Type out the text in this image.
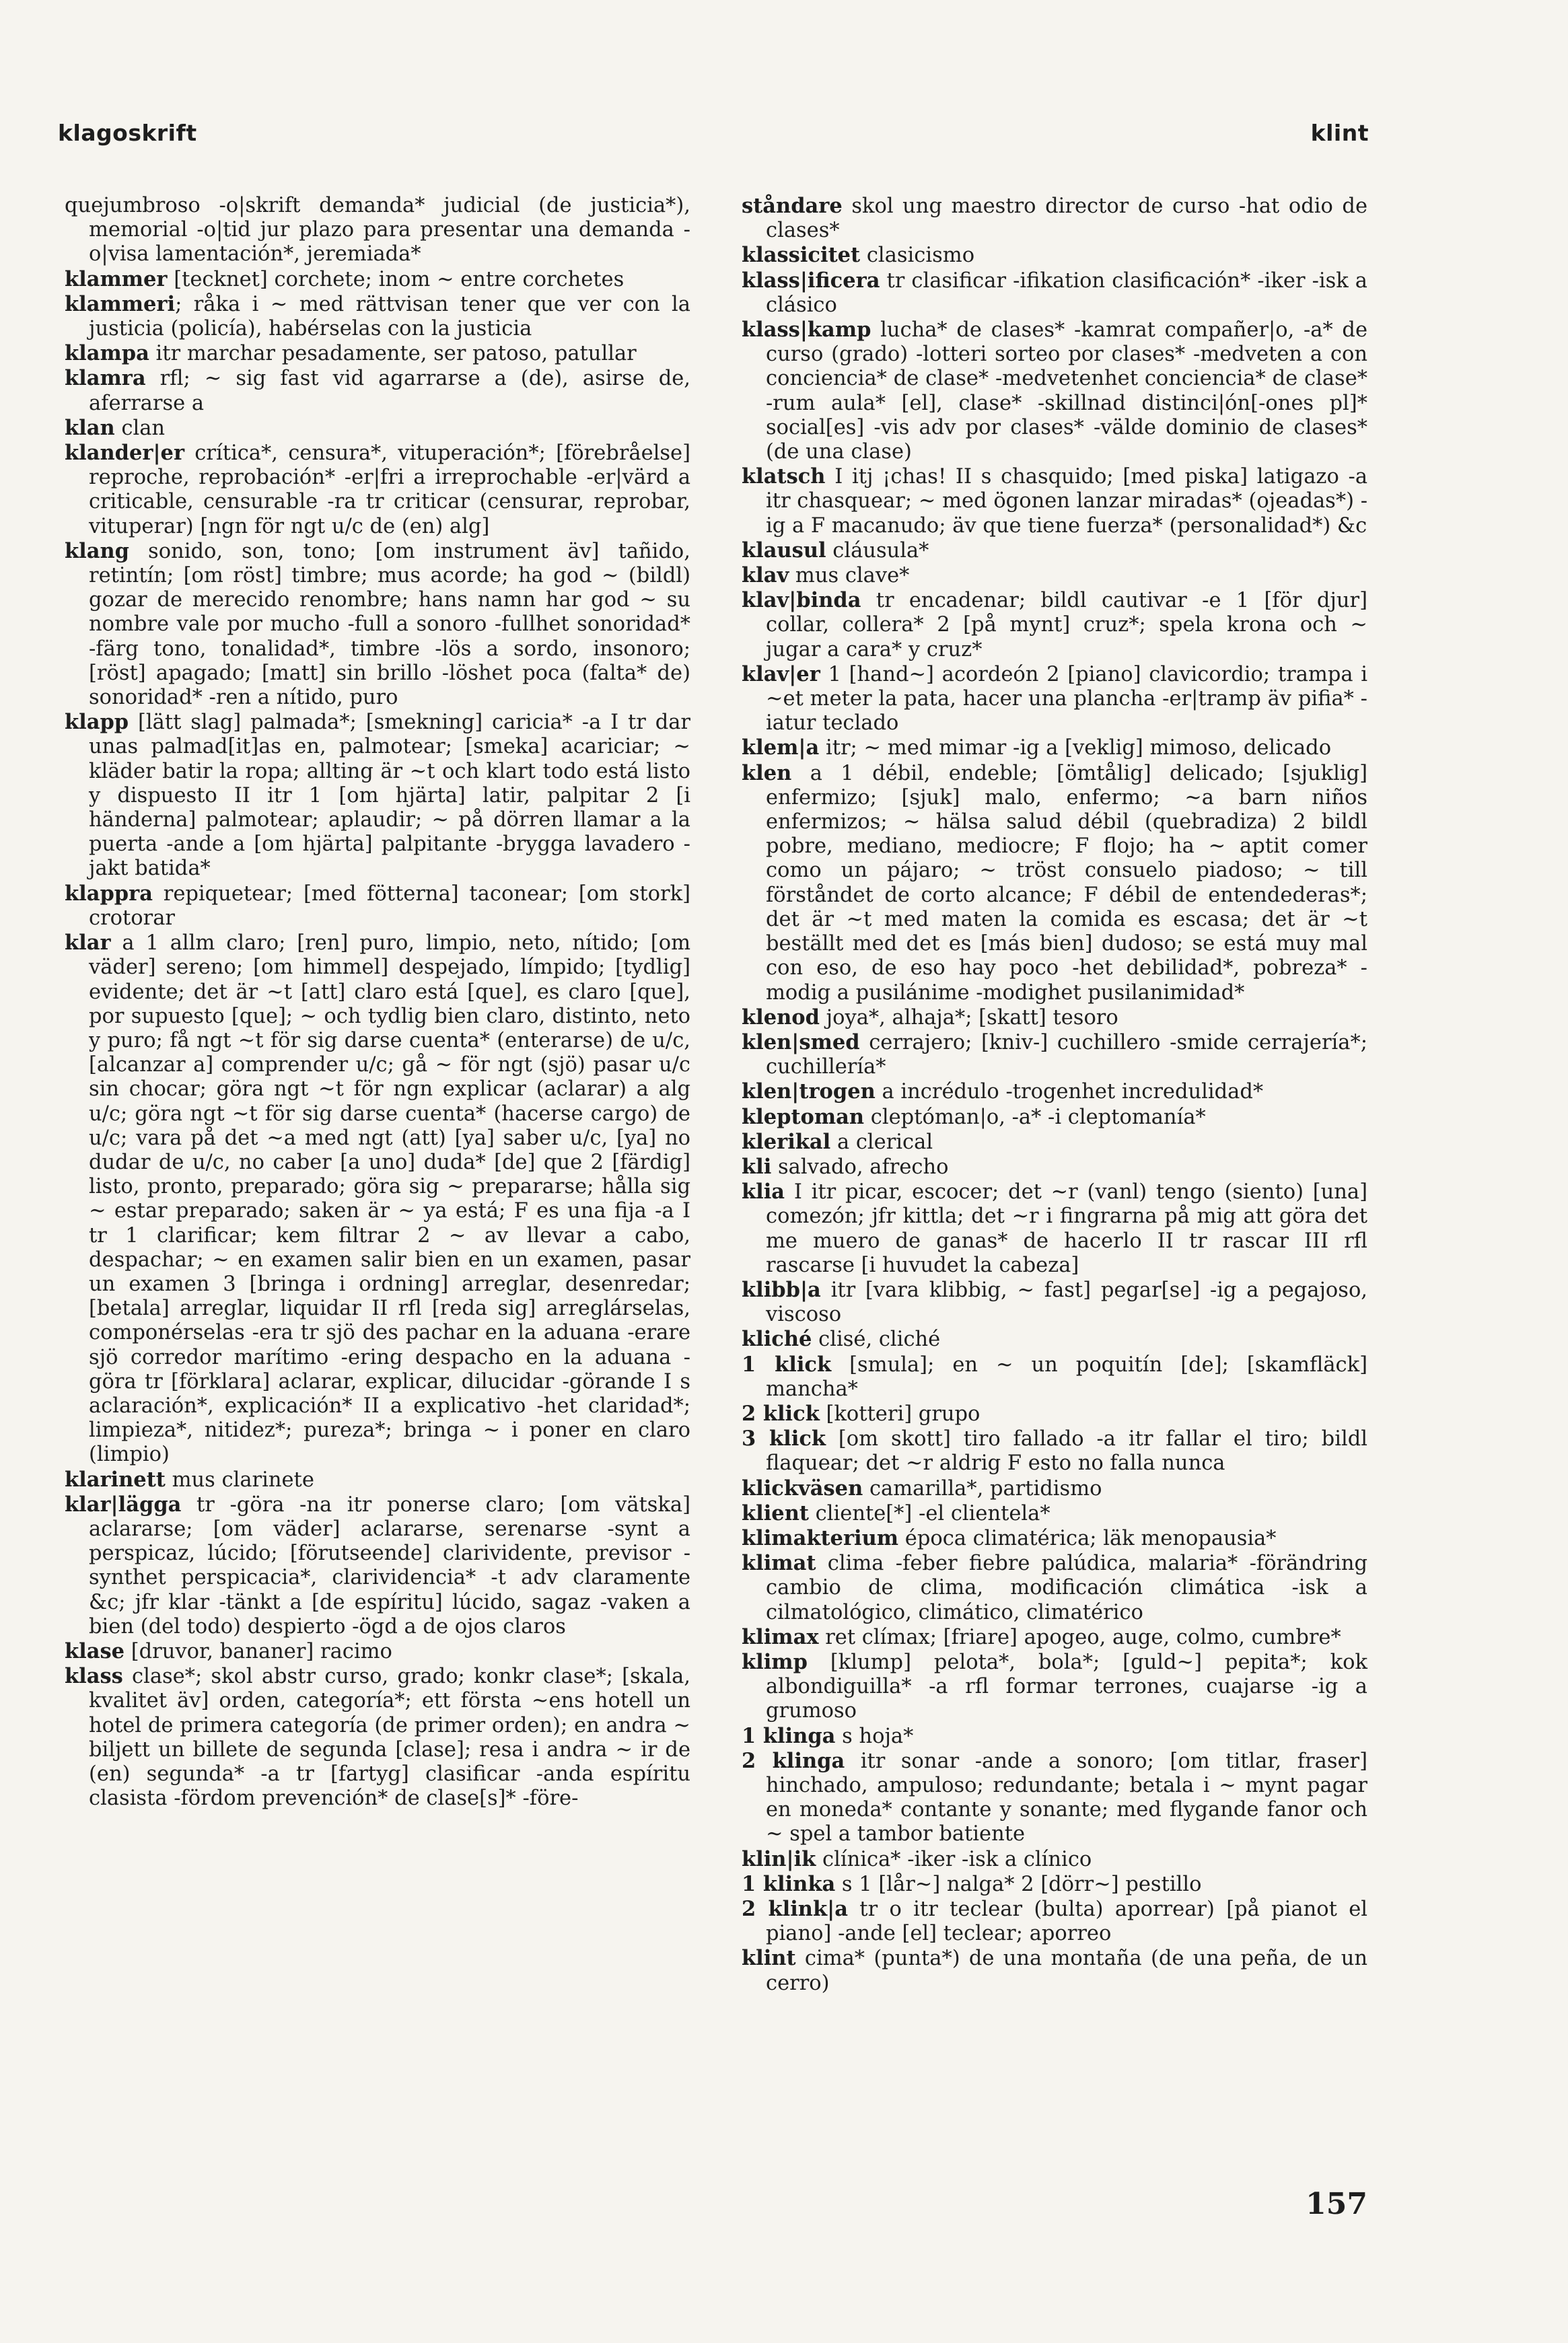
klagoskrift	klint

quejumbroso -o|skrift demanda* judicial (de justicia*), memorial -o|tid jur plazo para presentar una demanda -o|visa lamentación*, jeremiada*

klammer [tecknet] corchete; inom ~ entre corchetes

klammeri; råka i ~ med rättvisan tener que ver con la justicia (policía), habérselas con la justicia

klampa itr marchar pesadamente, ser patoso, patullar

klamra rfl; ~ sig fast vid agarrarse a (de), asirse de, aferrarse a

klan clan

klander|er crítica*, censura*, vituperación*; [förebråelse] reproche, reprobación* -er|fri a irreprochable -er|värd a criticable, censurable -ra tr criticar (censurar, reprobar, vituperar) [ngn för ngt u/c de (en) alg]

klang sonido, son, tono; [om instrument äv] tañido, retintín; [om röst] timbre; mus acorde; ha god ~ (bildl) gozar de merecido renombre; hans namn har god ~ su nombre vale por mucho -full a sonoro -fullhet sonoridad* -färg tono, tonalidad*, timbre -lös a sordo, insonoro; [röst] apagado; [matt] sin brillo -löshet poca (falta* de) sonoridad* -ren a nítido, puro

klapp [lätt slag] palmada*; [smekning] caricia* -a I tr dar unas palmad[it]as en, palmotear; [smeka] acariciar; ~ kläder batir la ropa; allting är ~t och klart todo está listo y dispuesto II itr 1 [om hjärta] latir, palpitar 2 [i händerna] palmotear; aplaudir; ~ på dörren llamar a la puerta -ande a [om hjärta] palpitante -brygga lavadero -jakt batida*

klappra repiquetear; [med fötterna] taconear; [om stork] crotorar

klar a 1 allm claro; [ren] puro, limpio, neto, nítido; [om väder] sereno; [om himmel] despejado, límpido; [tydlig] evidente; det är ~t [att] claro está [que], es claro [que], por supuesto [que]; ~ och tydlig bien claro, distinto, neto y puro; få ngt ~t för sig darse cuenta* (enterarse) de u/c, [alcanzar a] comprender u/c; gå ~ för ngt (sjö) pasar u/c sin chocar; göra ngt ~t för ngn explicar (aclarar) a alg u/c; göra ngt ~t för sig darse cuenta* (hacerse cargo) de u/c; vara på det ~a med ngt (att) [ya] saber u/c, [ya] no dudar de u/c, no caber [a uno] duda* [de] que 2 [färdig] listo, pronto, preparado; göra sig ~ prepararse; hålla sig ~ estar preparado; saken är ~ ya está; F es una fija -a I tr 1 clarificar; kem filtrar 2 ~ av llevar a cabo, despachar; ~ en examen salir bien en un examen, pasar un examen 3 [bringa i ordning] arreglar, desenredar; [betala] arreglar, liquidar II rfl [reda sig] arreglárselas, componérselas -era tr sjö des pachar en la aduana -erare sjö corredor marítimo -ering despacho en la aduana -göra tr [förklara] aclarar, explicar, dilucidar -görande I s aclaración*, explicación* II a explicativo -het claridad*; limpieza*, nitidez*; pureza*; bringa ~ i poner en claro (limpio)

klarinett mus clarinete

klar|lägga tr -göra -na itr ponerse claro; [om vätska] aclararse; [om väder] aclararse, serenarse -synt a perspicaz, lúcido; [förutseende] clarividente, previsor -synthet perspicacia*, clarividencia* -t adv claramente &c; jfr klar -tänkt a [de espíritu] lúcido, sagaz -vaken a bien (del todo) despierto -ögd a de ojos claros

klase [druvor, bananer] racimo

klass clase*; skol abstr curso, grado; konkr clase*; [skala, kvalitet äv] orden, categoría*; ett första ~ens hotell un hotel de primera categoría (de primer orden); en andra ~ biljett un billete de segunda [clase]; resa i andra ~ ir de (en) segunda* -a tr [fartyg] clasificar -anda espíritu clasista -fördom prevención* de clase[s]* -före-

ståndare skol ung maestro director de curso -hat odio de clases*

klassicitet clasicismo

klass|ificera tr clasificar -ifikation clasificación* -iker -isk a clásico

klass|kamp lucha* de clases* -kamrat compañer|o, -a* de curso (grado) -lotteri sorteo por clases* -medveten a con conciencia* de clase* -medvetenhet conciencia* de clase* -rum aula* [el], clase* -skillnad distinci|ón[-ones pl]* social[es] -vis adv por clases* -välde dominio de clases* (de una clase)

klatsch I itj ¡chas! II s chasquido; [med piska] latigazo -a itr chasquear; ~ med ögonen lanzar miradas* (ojeadas*) -ig a F macanudo; äv que tiene fuerza* (personalidad*) &c

klausul cláusula*

klav mus clave*

klav|binda tr encadenar; bildl cautivar -e 1 [för djur] collar, collera* 2 [på mynt] cruz*; spela krona och ~ jugar a cara* y cruz*

klav|er 1 [hand~] acordeón 2 [piano] clavicordio; trampa i ~et meter la pata, hacer una plancha -er|tramp äv pifia* -iatur teclado

klem|a itr; ~ med mimar -ig a [veklig] mimoso, delicado

klen a 1 débil, endeble; [ömtålig] delicado; [sjuklig] enfermizo; [sjuk] malo, enfermo; ~a barn niños enfermizos; ~ hälsa salud débil (quebradiza) 2 bildl pobre, mediano, mediocre; F flojo; ha ~ aptit comer como un pájaro; ~ tröst consuelo piadoso; ~ till förståndet de corto alcance; F débil de entendederas*; det är ~t med maten la comida es escasa; det är ~t beställt med det es [más bien] dudoso; se está muy mal con eso, de eso hay poco -het debilidad*, pobreza* -modig a pusilánime -modighet pusilanimidad*

klenod joya*, alhaja*; [skatt] tesoro

klen|smed cerrajero; [kniv-] cuchillero -smide cerrajería*; cuchillería*

klen|trogen a incrédulo -trogenhet incredulidad*

kleptoman cleptóman|o, -a* -i cleptomanía*

klerikal a clerical

kli salvado, afrecho

klia I itr picar, escocer; det ~r (vanl) tengo (siento) [una] comezón; jfr kittla; det ~r i fingrarna på mig att göra det me muero de ganas* de hacerlo II tr rascar III rfl rascarse [i huvudet la cabeza]

klibb|a itr [vara klibbig, ~ fast] pegar[se] -ig a pegajoso, viscoso

kliché clisé, cliché

1 klick [smula]; en ~ un poquitín [de]; [skamfläck] mancha*

2 klick [kotteri] grupo

3 klick [om skott] tiro fallado -a itr fallar el tiro; bildl flaquear; det ~r aldrig F esto no falla nunca

klickväsen camarilla*, partidismo

klient cliente[*] -el clientela*

klimakterium época climatérica; läk menopausia*

klimat clima -feber fiebre palúdica, malaria* -förändring cambio de clima, modificación climática -isk a cilmatológico, climático, climatérico

klimax ret clímax; [friare] apogeo, auge, colmo, cumbre*

klimp [klump] pelota*, bola*; [guld~] pepita*; kok albondiguilla* -a rfl formar terrones, cuajarse -ig a grumoso

1 klinga s hoja*

2 klinga itr sonar -ande a sonoro; [om titlar, fraser] hinchado, ampuloso; redundante; betala i ~ mynt pagar en moneda* contante y sonante; med flygande fanor och ~ spel a tambor batiente

klin|ik clínica* -iker -isk a clínico

1 klinka s 1 [lår~] nalga* 2 [dörr~] pestillo

2 klink|a tr o itr teclear (bulta) aporrear) [på pianot el piano] -ande [el] teclear; aporreo

klint cima* (punta*) de una montaña (de una peña, de un cerro)

157
